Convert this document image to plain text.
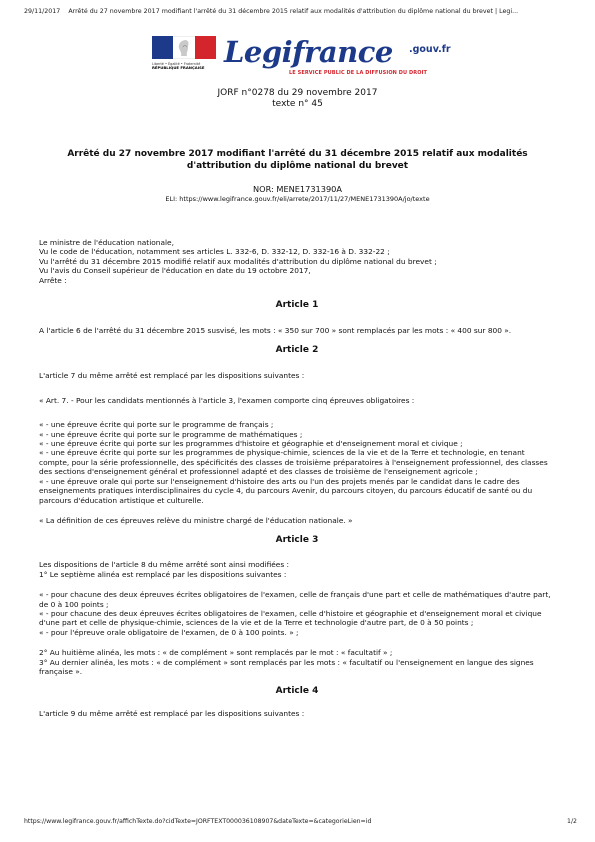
29/11/2017 Arrêté du 27 novembre 2017 modifiant l'arrêté du 31 décembre 2015 relatif aux modalités d'attribution du diplôme national du brevet | Legi...
Liberté • Égalité • Fraternité
RÉPUBLIQUE FRANÇAISE Legifrance .gouv.fr
LE SERVICE PUBLIC DE LA DIFFUSION DU DROIT
JORF n°0278 du 29 novembre 2017
texte n° 45
Arrêté du 27 novembre 2017 modifiant l'arrêté du 31 décembre 2015 relatif aux modalités d'attribution du diplôme national du brevet
NOR: MENE1731390A
ELI: https://www.legifrance.gouv.fr/eli/arrete/2017/11/27/MENE1731390A/jo/texte

Le ministre de l'éducation nationale,

Vu le code de l'éducation, notamment ses articles L. 332-6, D. 332-12, D. 332-16 à D. 332-22 ;

Vu l'arrêté du 31 décembre 2015 modifié relatif aux modalités d'attribution du diplôme national du brevet ;

Vu l'avis du Conseil supérieur de l'éducation en date du 19 octobre 2017,

Arrête :

Article 1

A l'article 6 de l'arrêté du 31 décembre 2015 susvisé, les mots : « 350 sur 700 » sont remplacés par les mots : « 400 sur 800 ».

Article 2

L'article 7 du même arrêté est remplacé par les dispositions suivantes :

« Art. 7. - Pour les candidats mentionnés à l'article 3, l'examen comporte cinq épreuves obligatoires :

« - une épreuve écrite qui porte sur le programme de français ;

« - une épreuve écrite qui porte sur le programme de mathématiques ;

« - une épreuve écrite qui porte sur les programmes d'histoire et géographie et d'enseignement moral et civique ;

« - une épreuve écrite qui porte sur les programmes de physique-chimie, sciences de la vie et de la Terre et technologie, en tenant compte, pour la série professionnelle, des spécificités des classes de troisième préparatoires à l'enseignement professionnel, des classes des sections d'enseignement général et professionnel adapté et des classes de troisième de l'enseignement agricole ;

« - une épreuve orale qui porte sur l'enseignement d'histoire des arts ou l'un des projets menés par le candidat dans le cadre des enseignements pratiques interdisciplinaires du cycle 4, du parcours Avenir, du parcours citoyen, du parcours éducatif de santé ou du parcours d'éducation artistique et culturelle.

« La définition de ces épreuves relève du ministre chargé de l'éducation nationale. »

Article 3

Les dispositions de l'article 8 du même arrêté sont ainsi modifiées :

1° Le septième alinéa est remplacé par les dispositions suivantes :

« - pour chacune des deux épreuves écrites obligatoires de l'examen, celle de français d'une part et celle de mathématiques d'autre part, de 0 à 100 points ;

« - pour chacune des deux épreuves écrites obligatoires de l'examen, celle d'histoire et géographie et d'enseignement moral et civique d'une part et celle de physique-chimie, sciences de la vie et de la Terre et technologie d'autre part, de 0 à 50 points ;

« - pour l'épreuve orale obligatoire de l'examen, de 0 à 100 points. » ;

2° Au huitième alinéa, les mots : « de complément » sont remplacés par le mot : « facultatif » ;

3° Au dernier alinéa, les mots : « de complément » sont remplacés par les mots : « facultatif ou l'enseignement en langue des signes française ».

Article 4

L'article 9 du même arrêté est remplacé par les dispositions suivantes :

https://www.legifrance.gouv.fr/affichTexte.do?cidTexte=JORFTEXT000036108907&dateTexte=&categorieLien=id	1/2
